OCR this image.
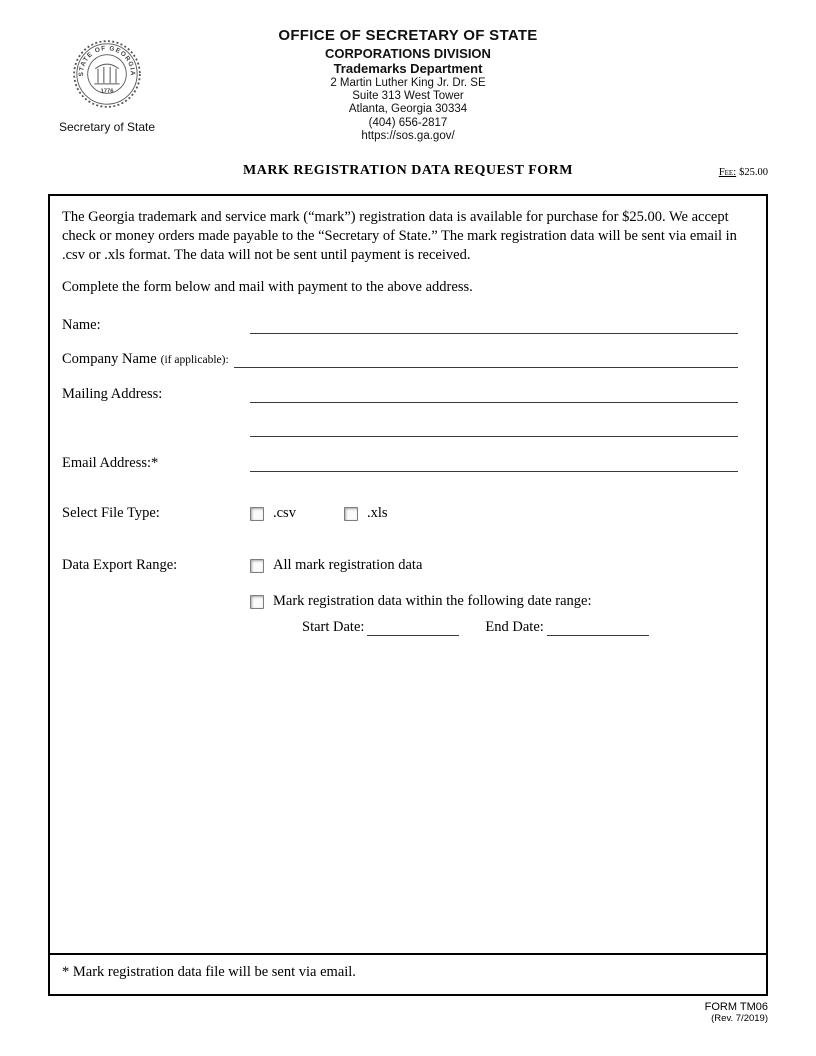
STATE OF GEORGIA
1776
Secretary of State
OFFICE OF SECRETARY OF STATE
CORPORATIONS DIVISION
Trademarks Department
2 Martin Luther King Jr. Dr. SE
Suite 313 West Tower
Atlanta, Georgia 30334
(404) 656-2817
https://sos.ga.gov/
MARK REGISTRATION DATA REQUEST FORM	Fee: $25.00

The Georgia trademark and service mark (“mark”) registration data is available for purchase for $25.00. We accept check or money orders made payable to the “Secretary of State.” The mark registration data will be sent via email in .csv or .xls format. The data will not be sent until payment is received.

Complete the form below and mail with payment to the above address.

Name:
Company Name (if applicable):
Mailing Address:
Email Address:*
Select File Type:	.csv	.xls
Data Export Range:	All mark registration data
Mark registration data within the following date range:
Start Date:	End Date:
* Mark registration data file will be sent via email.
FORM TM06
(Rev. 7/2019)
